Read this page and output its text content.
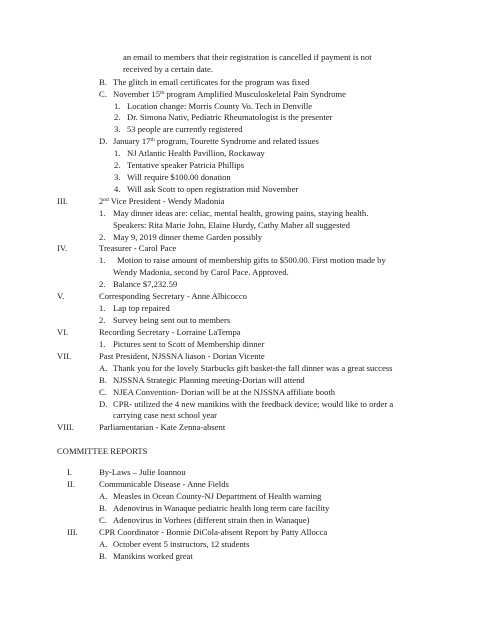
an email to members that their registration is cancelled if payment is not
received by a certain date.
B. The glitch in email certificates for the program was fixed
C. November 15th program Amplified Musculoskeletal Pain Syndrome
1. Location change: Morris County Vo. Tech in Denville
2. Dr. Simona Nativ, Pediatric Rheumatologist is the presenter
3. 53 people are currently registered
D. January 17th program, Tourette Syndrome and related issues
1. NJ Atlantic Health Pavillion, Rockaway
2. Tentative speaker Patricia Phillips
3. Will require $100.00 donation
4. Will ask Scott to open registration mid November
III.	2nd Vice President - Wendy Madonia
1. May dinner ideas are: celiac, mental health, growing pains, staying health.
Speakers: Rita Marie John, Elaine Hurdy, Cathy Maher all suggested
2. May 9, 2019 dinner theme Garden possibly
IV.	Treasurer - Carol Pace
1. Motion to raise amount of membership gifts to $500.00. First motion made by
Wendy Madonia, second by Carol Pace. Approved.
2. Balance $7,232.59
V.	Corresponding Secretary - Anne Albicocco
1. Lap top repaired
2. Survey being sent out to members
VI.	Recording Secretary - Lorraine LaTempa
1. Pictures sent to Scott of Membership dinner
VII.	Past President, NJSSNA liason - Dorian Vicente
A. Thank you for the lovely Starbucks gift basket-the fall dinner was a great success
B. NJSSNA Strategic Planning meeting-Dorian will attend
C. NJEA Convention- Dorian will be at the NJSSNA affiliate booth
D. CPR- utilized the 4 new manikins with the feedback device; would like to order a
carrying case next school year
VIII.	Parliamentarian - Kate Zenna-absent
COMMITTEE REPORTS
I.	By-Laws – Julie Ioannou
II.	Communicable Disease - Anne Fields
A. Measles in Ocean County-NJ Department of Health warning
B. Adenovirus in Wanaque pediatric health long term care facility
C. Adenovirus in Vorhees (different strain then in Wanaque)
III. CPR Coordinator - Bonnie DiCola-absent Report by Patty Allocca
A. October event 5 instructors, 12 students
B. Manikins worked great
